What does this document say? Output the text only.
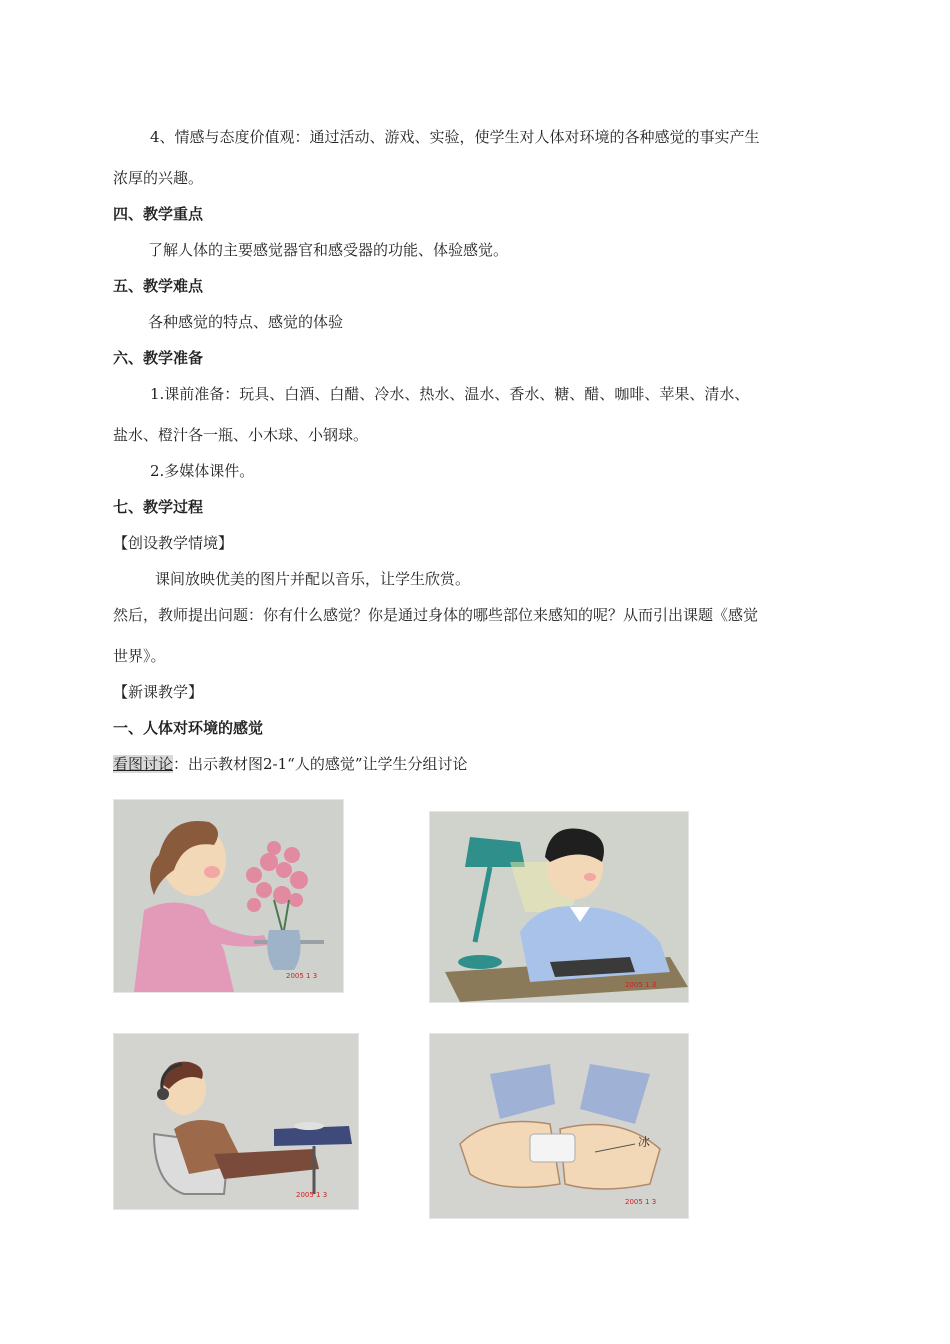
4、情感与态度价值观：通过活动、游戏、实验，使学生对人体对环境的各种感觉的事实产生
浓厚的兴趣。
四、教学重点
了解人体的主要感觉器官和感受器的功能、体验感觉。
五、教学难点
各种感觉的特点、感觉的体验
六、教学准备
1.课前准备：玩具、白酒、白醋、冷水、热水、温水、香水、糖、醋、咖啡、苹果、清水、
盐水、橙汁各一瓶、小木球、小钢球。
2.多媒体课件。
七、教学过程
【创设教学情境】
课间放映优美的图片并配以音乐，让学生欣赏。
然后，教师提出问题：你有什么感觉？你是通过身体的哪些部位来感知的呢？从而引出课题《感觉
世界》。
【新课教学】
一、人体对环境的感觉
看图讨论：出示教材图2-1“人的感觉”让学生分组讨论
2005 1 3
2005 1 3
2005 1 3
冰
2005 1 3
